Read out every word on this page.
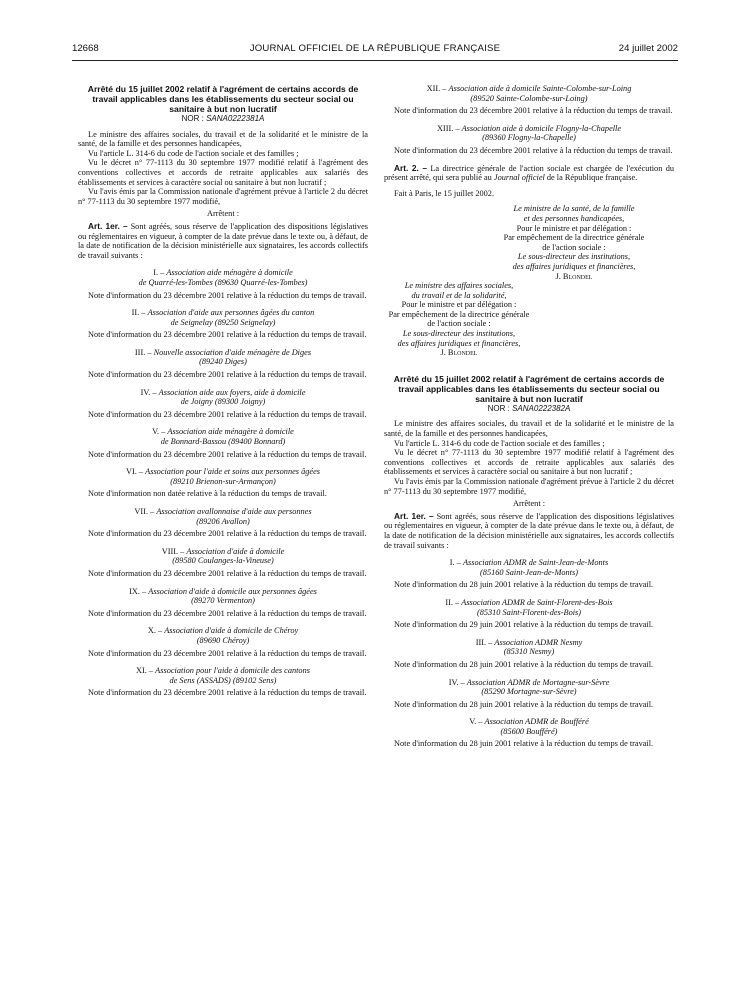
12668	JOURNAL OFFICIEL DE LA RÉPUBLIQUE FRANÇAISE	24 juillet 2002

Arrêté du 15 juillet 2002 relatif à l'agrément de certains accords de travail applicables dans les établissements du secteur social ou sanitaire à but non lucratif

NOR : SANA0222381A

Le ministre des affaires sociales, du travail et de la solidarité et le ministre de la santé, de la famille et des personnes handicapées,

Vu l'article L. 314-6 du code de l'action sociale et des familles ;

Vu le décret n° 77-1113 du 30 septembre 1977 modifié relatif à l'agrément des conventions collectives et accords de retraite applicables aux salariés des établissements et services à caractère social ou sanitaire à but non lucratif ;

Vu l'avis émis par la Commission nationale d'agrément prévue à l'article 2 du décret n° 77-1113 du 30 septembre 1977 modifié,

Arrêtent :

Art. 1er. – Sont agréés, sous réserve de l'application des dispositions législatives ou réglementaires en vigueur, à compter de la date prévue dans le texte ou, à défaut, de la date de notification de la décision ministérielle aux signataires, les accords collectifs de travail suivants :

I. – Association aide ménagère à domicile

de Quarré-les-Tombes (89630 Quarré-les-Tombes)

Note d'information du 23 décembre 2001 relative à la réduction du temps de travail.

II. – Association d'aide aux personnes âgées du canton

de Seignelay (89250 Seignelay)

Note d'information du 23 décembre 2001 relative à la réduction du temps de travail.

III. – Nouvelle association d'aide ménagère de Diges

(89240 Diges)

Note d'information du 23 décembre 2001 relative à la réduction du temps de travail.

IV. – Association aide aux foyers, aide à domicile

de Joigny (89300 Joigny)

Note d'information du 23 décembre 2001 relative à la réduction du temps de travail.

V. – Association aide ménagère à domicile

de Bonnard-Bassou (89400 Bonnard)

Note d'information du 23 décembre 2001 relative à la réduction du temps de travail.

VI. – Association pour l'aide et soins aux personnes âgées

(89210 Brienon-sur-Armançon)

Note d'information non datée relative à la réduction du temps de travail.

VII. – Association avallonnaise d'aide aux personnes

(89206 Avallon)

Note d'information du 23 décembre 2001 relative à la réduction du temps de travail.

VIII. – Association d'aide à domicile

(89580 Coulanges-la-Vineuse)

Note d'information du 23 décembre 2001 relative à la réduction du temps de travail.

IX. – Association d'aide à domicile aux personnes âgées

(89270 Vermenton)

Note d'information du 23 décembre 2001 relative à la réduction du temps de travail.

X. – Association d'aide à domicile de Chéroy

(89690 Chéroy)

Note d'information du 23 décembre 2001 relative à la réduction du temps de travail.

XI. – Association pour l'aide à domicile des cantons

de Sens (ASSADS) (89102 Sens)

Note d'information du 23 décembre 2001 relative à la réduction du temps de travail.

XII. – Association aide à domicile Sainte-Colombe-sur-Loing

(89520 Sainte-Colombe-sur-Loing)

Note d'information du 23 décembre 2001 relative à la réduction du temps de travail.

XIII. – Association aide à domicile Flogny-la-Chapelle

(89360 Flogny-la-Chapelle)

Note d'information du 23 décembre 2001 relative à la réduction du temps de travail.

Art. 2. – La directrice générale de l'action sociale est chargée de l'exécution du présent arrêté, qui sera publié au Journal officiel de la République française.

Fait à Paris, le 15 juillet 2002.

Le ministre de la santé, de la famille

et des personnes handicapées,

Pour le ministre et par délégation :

Par empêchement de la directrice générale

de l'action sociale :

Le sous-directeur des institutions,

des affaires juridiques et financières,

J. Blondel

Le ministre des affaires sociales,

du travail et de la solidarité,

Pour le ministre et par délégation :

Par empêchement de la directrice générale

de l'action sociale :

Le sous-directeur des institutions,

des affaires juridiques et financières,

J. Blondel

Arrêté du 15 juillet 2002 relatif à l'agrément de certains accords de travail applicables dans les établissements du secteur social ou sanitaire à but non lucratif

NOR : SANA0222382A

Le ministre des affaires sociales, du travail et de la solidarité et le ministre de la santé, de la famille et des personnes handicapées,

Vu l'article L. 314-6 du code de l'action sociale et des familles ;

Vu le décret n° 77-1113 du 30 septembre 1977 modifié relatif à l'agrément des conventions collectives et accords de retraite applicables aux salariés des établissements et services à caractère social ou sanitaire à but non lucratif ;

Vu l'avis émis par la Commission nationale d'agrément prévue à l'article 2 du décret n° 77-1113 du 30 septembre 1977 modifié,

Arrêtent :

Art. 1er. – Sont agréés, sous réserve de l'application des dispositions législatives ou réglementaires en vigueur, à compter de la date prévue dans le texte ou, à défaut, de la date de notification de la décision ministérielle aux signataires, les accords collectifs de travail suivants :

I. – Association ADMR de Saint-Jean-de-Monts

(85160 Saint-Jean-de-Monts)

Note d'information du 28 juin 2001 relative à la réduction du temps de travail.

II. – Association ADMR de Saint-Florent-des-Bois

(85310 Saint-Florent-des-Bois)

Note d'information du 29 juin 2001 relative à la réduction du temps de travail.

III. – Association ADMR Nesmy

(85310 Nesmy)

Note d'information du 28 juin 2001 relative à la réduction du temps de travail.

IV. – Association ADMR de Mortagne-sur-Sèvre

(85290 Mortagne-sur-Sèvre)

Note d'information du 28 juin 2001 relative à la réduction du temps de travail.

V. – Association ADMR de Boufféré

(85600 Boufféré)

Note d'information du 28 juin 2001 relative à la réduction du temps de travail.
